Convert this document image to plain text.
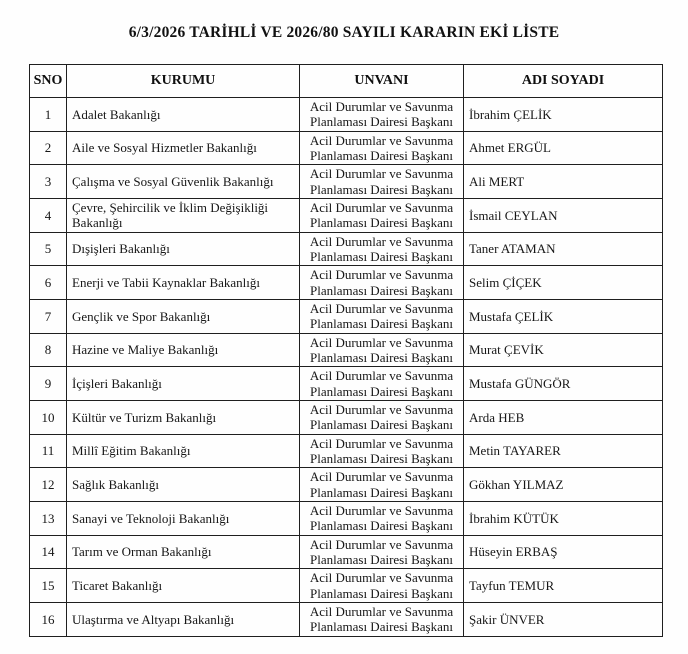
6/3/2026 TARİHLİ VE 2026/80 SAYILI KARARIN EKİ LİSTE
SNO	KURUMU	UNVANI	ADI SOYADI
1	Adalet Bakanlığı	Acil Durumlar ve Savunma Planlaması Dairesi Başkanı	İbrahim ÇELİK
2	Aile ve Sosyal Hizmetler Bakanlığı	Acil Durumlar ve Savunma Planlaması Dairesi Başkanı	Ahmet ERGÜL
3	Çalışma ve Sosyal Güvenlik Bakanlığı	Acil Durumlar ve Savunma Planlaması Dairesi Başkanı	Ali MERT
4	Çevre, Şehircilik ve İklim Değişikliği Bakanlığı	Acil Durumlar ve Savunma Planlaması Dairesi Başkanı	İsmail CEYLAN
5	Dışişleri Bakanlığı	Acil Durumlar ve Savunma Planlaması Dairesi Başkanı	Taner ATAMAN
6	Enerji ve Tabii Kaynaklar Bakanlığı	Acil Durumlar ve Savunma Planlaması Dairesi Başkanı	Selim ÇİÇEK
7	Gençlik ve Spor Bakanlığı	Acil Durumlar ve Savunma Planlaması Dairesi Başkanı	Mustafa ÇELİK
8	Hazine ve Maliye Bakanlığı	Acil Durumlar ve Savunma Planlaması Dairesi Başkanı	Murat ÇEVİK
9	İçişleri Bakanlığı	Acil Durumlar ve Savunma Planlaması Dairesi Başkanı	Mustafa GÜNGÖR
10	Kültür ve Turizm Bakanlığı	Acil Durumlar ve Savunma Planlaması Dairesi Başkanı	Arda HEB
11	Millî Eğitim Bakanlığı	Acil Durumlar ve Savunma Planlaması Dairesi Başkanı	Metin TAYARER
12	Sağlık Bakanlığı	Acil Durumlar ve Savunma Planlaması Dairesi Başkanı	Gökhan YILMAZ
13	Sanayi ve Teknoloji Bakanlığı	Acil Durumlar ve Savunma Planlaması Dairesi Başkanı	İbrahim KÜTÜK
14	Tarım ve Orman Bakanlığı	Acil Durumlar ve Savunma Planlaması Dairesi Başkanı	Hüseyin ERBAŞ
15	Ticaret Bakanlığı	Acil Durumlar ve Savunma Planlaması Dairesi Başkanı	Tayfun TEMUR
16	Ulaştırma ve Altyapı Bakanlığı	Acil Durumlar ve Savunma Planlaması Dairesi Başkanı	Şakir ÜNVER
